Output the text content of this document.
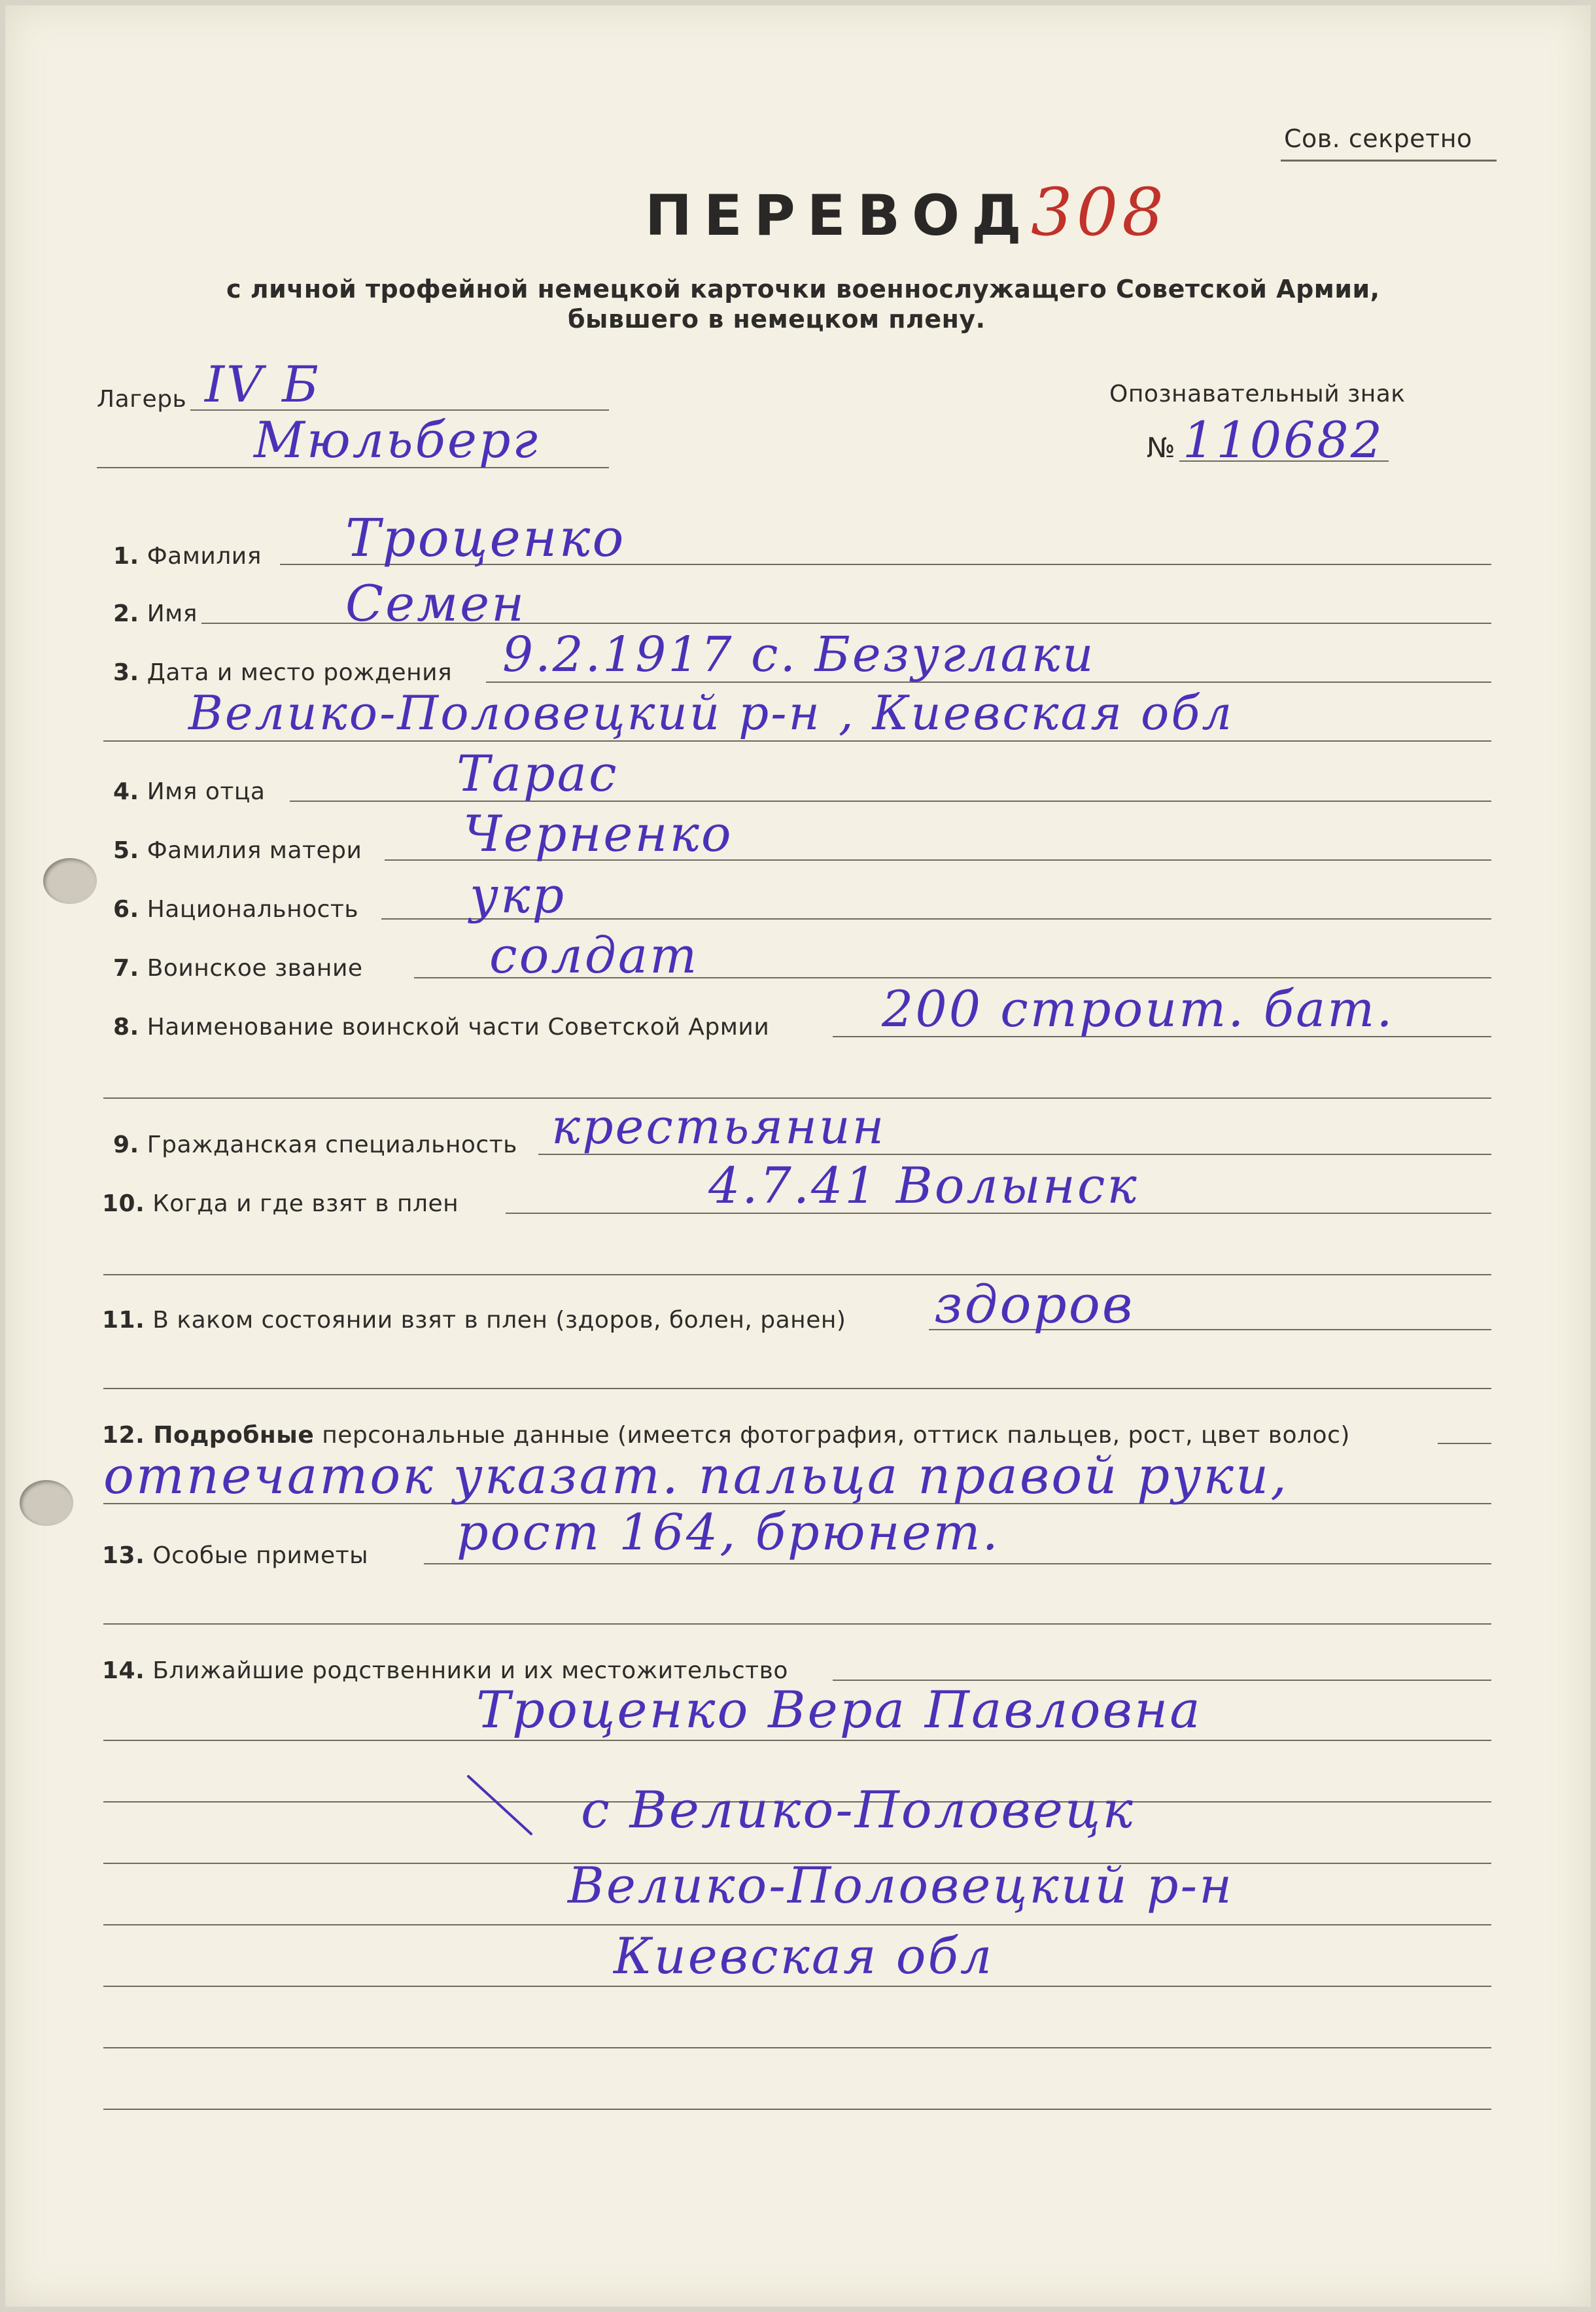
Сов. секретно
ПЕРЕВОД
308
с личной трофейной немецкой карточки военнослужащего Советской Армии,
бывшего в немецком плену.
Лагерь IV Б
Мюльберг
Опознавательный знак
№ 110682
1. Фамилия Троценко
2. Имя	Семен
3. Дата и место рождения 9.2.1917 с. Безуглаки
Велико-Половецкий р-н , Киевская обл
4. Имя отца	Тарас
5. Фамилия матери Черненко
6. Национальность укр
7. Воинское звание	солдат
8. Наименование воинской части Советской Армии 200 строит. бат.
9. Гражданская специальность крестьянин
10. Когда и где взят в плен	4.7.41 Волынск
11. В каком состоянии взят в плен (здоров, болен, ранен) здоров
12. Подробные персональные данные (имеется фотография, оттиск пальцев, рост, цвет волос)
отпечаток указат. пальца правой руки,
13. Особые приметы рост 164, брюнет.
14. Ближайшие родственники и их местожительство
Троценко Вера Павловна
с Велико-Половецк
Велико-Половецкий р-н
Киевская обл
